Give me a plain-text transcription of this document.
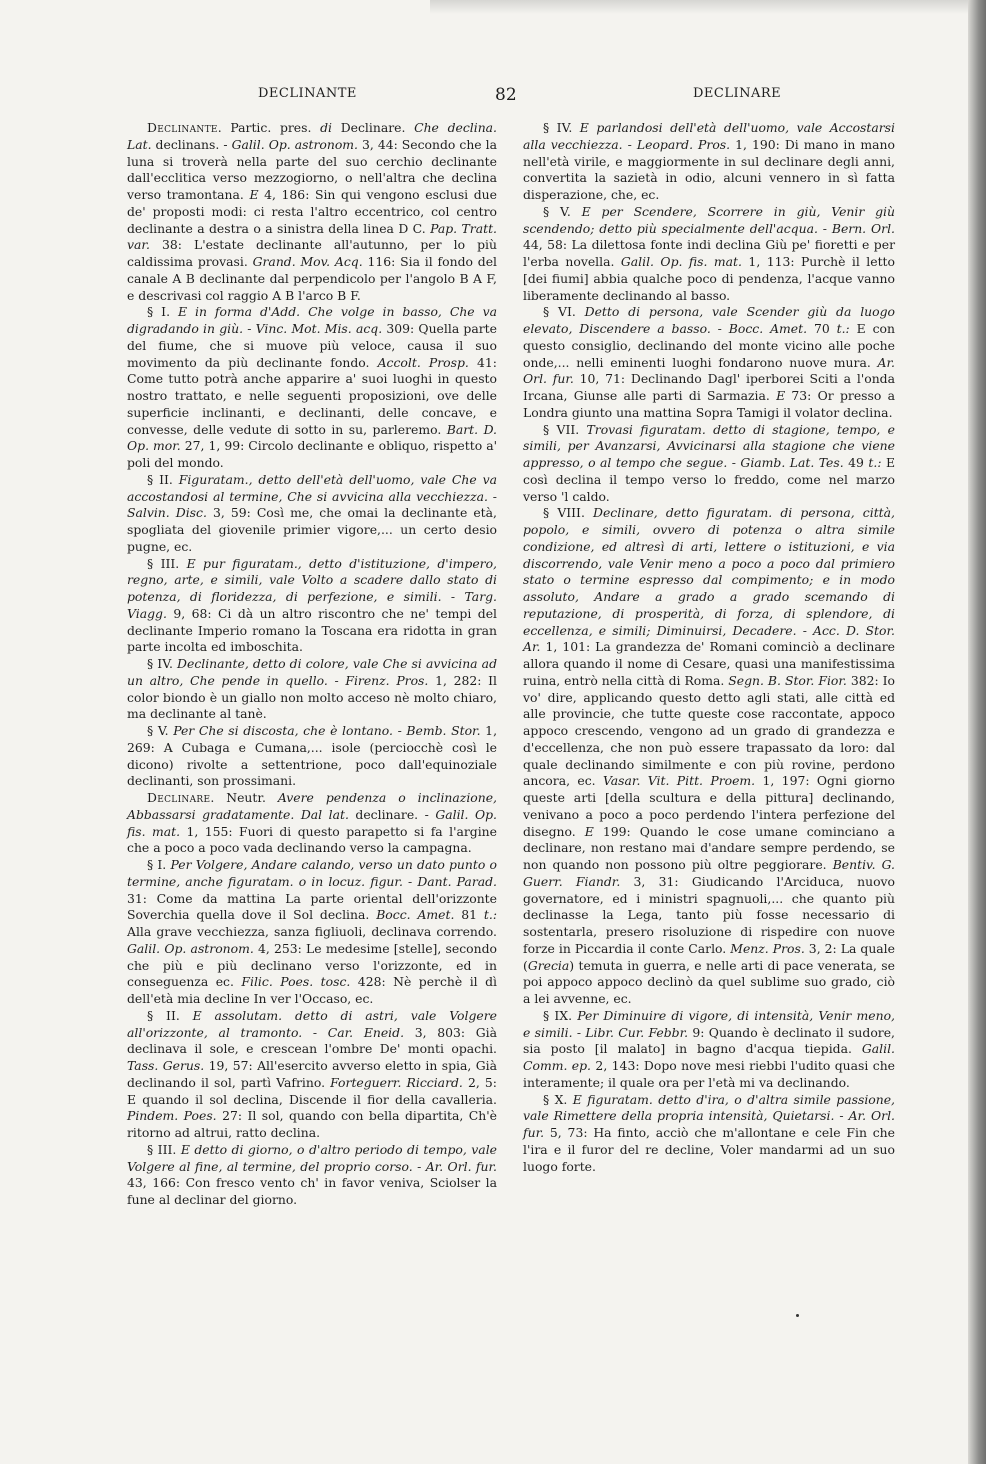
DECLINANTE	82	DECLINARE

Declinante. Partic. pres. di Declinare. Che declina. Lat. declinans. - Galil. Op. astronom. 3, 44: Secondo che la luna si troverà nella parte del suo cerchio declinante dall'ecclitica verso mezzogiorno, o nell'altra che declina verso tramontana. E 4, 186: Sin qui vengono esclusi due de' proposti modi: ci resta l'altro eccentrico, col centro declinante a destra o a sinistra della linea D C. Pap. Tratt. var. 38: L'estate declinante all'autunno, per lo più caldissima provasi. Grand. Mov. Acq. 116: Sia il fondo del canale A B declinante dal perpendicolo per l'angolo B A F, e descrivasi col raggio A B l'arco B F.

§ I. E in forma d'Add. Che volge in basso, Che va digradando in giù. - Vinc. Mot. Mis. acq. 309: Quella parte del fiume, che si muove più veloce, causa il suo movimento da più declinante fondo. Accolt. Prosp. 41: Come tutto potrà anche apparire a' suoi luoghi in questo nostro trattato, e nelle seguenti proposizioni, ove delle superficie inclinanti, e declinanti, delle concave, e convesse, delle vedute di sotto in su, parleremo. Bart. D. Op. mor. 27, 1, 99: Circolo declinante e obliquo, rispetto a' poli del mondo.

§ II. Figuratam., detto dell'età dell'uomo, vale Che va accostandosi al termine, Che si avvicina alla vecchiezza. - Salvin. Disc. 3, 59: Così me, che omai la declinante età, spogliata del giovenile primier vigore,... un certo desio pugne, ec.

§ III. E pur figuratam., detto d'istituzione, d'impero, regno, arte, e simili, vale Volto a scadere dallo stato di potenza, di floridezza, di perfezione, e simili. - Targ. Viagg. 9, 68: Ci dà un altro riscontro che ne' tempi del declinante Imperio romano la Toscana era ridotta in gran parte incolta ed imboschita.

§ IV. Declinante, detto di colore, vale Che si avvicina ad un altro, Che pende in quello. - Firenz. Pros. 1, 282: Il color biondo è un giallo non molto acceso nè molto chiaro, ma declinante al tanè.

§ V. Per Che si discosta, che è lontano. - Bemb. Stor. 1, 269: A Cubaga e Cumana,... isole (perciocchè così le dicono) rivolte a settentrione, poco dall'equinoziale declinanti, son prossimani.

Declinare. Neutr. Avere pendenza o inclinazione, Abbassarsi gradatamente. Dal lat. declinare. - Galil. Op. fis. mat. 1, 155: Fuori di questo parapetto si fa l'argine che a poco a poco vada declinando verso la campagna.

§ I. Per Volgere, Andare calando, verso un dato punto o termine, anche figuratam. o in locuz. figur. - Dant. Parad. 31: Come da mattina La parte oriental dell'orizzonte Soverchia quella dove il Sol declina. Bocc. Amet. 81 t.: Alla grave vecchiezza, sanza figliuoli, declinava correndo. Galil. Op. astronom. 4, 253: Le medesime [stelle], secondo che più e più declinano verso l'orizzonte, ed in conseguenza ec. Filic. Poes. tosc. 428: Nè perchè il dì dell'età mia decline In ver l'Occaso, ec.

§ II. E assolutam. detto di astri, vale Volgere all'orizzonte, al tramonto. - Car. Eneid. 3, 803: Già declinava il sole, e crescean l'ombre De' monti opachi. Tass. Gerus. 19, 57: All'esercito avverso eletto in spia, Già declinando il sol, partì Vafrino. Forteguerr. Ricciard. 2, 5: E quando il sol declina, Discende il fior della cavalleria. Pindem. Poes. 27: Il sol, quando con bella dipartita, Ch'è ritorno ad altrui, ratto declina.

§ III. E detto di giorno, o d'altro periodo di tempo, vale Volgere al fine, al termine, del proprio corso. - Ar. Orl. fur. 43, 166: Con fresco vento ch' in favor veniva, Sciolser la fune al declinar del giorno.

§ IV. E parlandosi dell'età dell'uomo, vale Accostarsi alla vecchiezza. - Leopard. Pros. 1, 190: Di mano in mano nell'età virile, e maggiormente in sul declinare degli anni, convertita la sazietà in odio, alcuni vennero in sì fatta disperazione, che, ec.

§ V. E per Scendere, Scorrere in giù, Venir giù scendendo; detto più specialmente dell'acqua. - Bern. Orl. 44, 58: La dilettosa fonte indi declina Giù pe' fioretti e per l'erba novella. Galil. Op. fis. mat. 1, 113: Purchè il letto [dei fiumi] abbia qualche poco di pendenza, l'acque vanno liberamente declinando al basso.

§ VI. Detto di persona, vale Scender giù da luogo elevato, Discendere a basso. - Bocc. Amet. 70 t.: E con questo consiglio, declinando del monte vicino alle poche onde,... nelli eminenti luoghi fondarono nuove mura. Ar. Orl. fur. 10, 71: Declinando Dagl' iperborei Sciti a l'onda Ircana, Giunse alle parti di Sarmazia. E 73: Or presso a Londra giunto una mattina Sopra Tamigi il volator declina.

§ VII. Trovasi figuratam. detto di stagione, tempo, e simili, per Avanzarsi, Avvicinarsi alla stagione che viene appresso, o al tempo che segue. - Giamb. Lat. Tes. 49 t.: E così declina il tempo verso lo freddo, come nel marzo verso 'l caldo.

§ VIII. Declinare, detto figuratam. di persona, città, popolo, e simili, ovvero di potenza o altra simile condizione, ed altresì di arti, lettere o istituzioni, e via discorrendo, vale Venir meno a poco a poco dal primiero stato o termine espresso dal compimento; e in modo assoluto, Andare a grado a grado scemando di reputazione, di prosperità, di forza, di splendore, di eccellenza, e simili; Diminuirsi, Decadere. - Acc. D. Stor. Ar. 1, 101: La grandezza de' Romani cominciò a declinare allora quando il nome di Cesare, quasi una manifestissima ruina, entrò nella città di Roma. Segn. B. Stor. Fior. 382: Io vo' dire, applicando questo detto agli stati, alle città ed alle provincie, che tutte queste cose raccontate, appoco appoco crescendo, vengono ad un grado di grandezza e d'eccellenza, che non può essere trapassato da loro: dal quale declinando similmente e con più rovine, perdono ancora, ec. Vasar. Vit. Pitt. Proem. 1, 197: Ogni giorno queste arti [della scultura e della pittura] declinando, venivano a poco a poco perdendo l'intera perfezione del disegno. E 199: Quando le cose umane cominciano a declinare, non restano mai d'andare sempre perdendo, se non quando non possono più oltre peggiorare. Bentiv. G. Guerr. Fiandr. 3, 31: Giudicando l'Arciduca, nuovo governatore, ed i ministri spagnuoli,... che quanto più declinasse la Lega, tanto più fosse necessario di sostentarla, presero risoluzione di rispedire con nuove forze in Piccardia il conte Carlo. Menz. Pros. 3, 2: La quale (Grecia) temuta in guerra, e nelle arti di pace venerata, se poi appoco appoco declinò da quel sublime suo grado, ciò a lei avvenne, ec.

§ IX. Per Diminuire di vigore, di intensità, Venir meno, e simili. - Libr. Cur. Febbr. 9: Quando è declinato il sudore, sia posto [il malato] in bagno d'acqua tiepida. Galil. Comm. ep. 2, 143: Dopo nove mesi riebbi l'udito quasi che interamente; il quale ora per l'età mi va declinando.

§ X. E figuratam. detto d'ira, o d'altra simile passione, vale Rimettere della propria intensità, Quietarsi. - Ar. Orl. fur. 5, 73: Ha finto, acciò che m'allontane e cele Fin che l'ira e il furor del re decline, Voler mandarmi ad un suo luogo forte.
